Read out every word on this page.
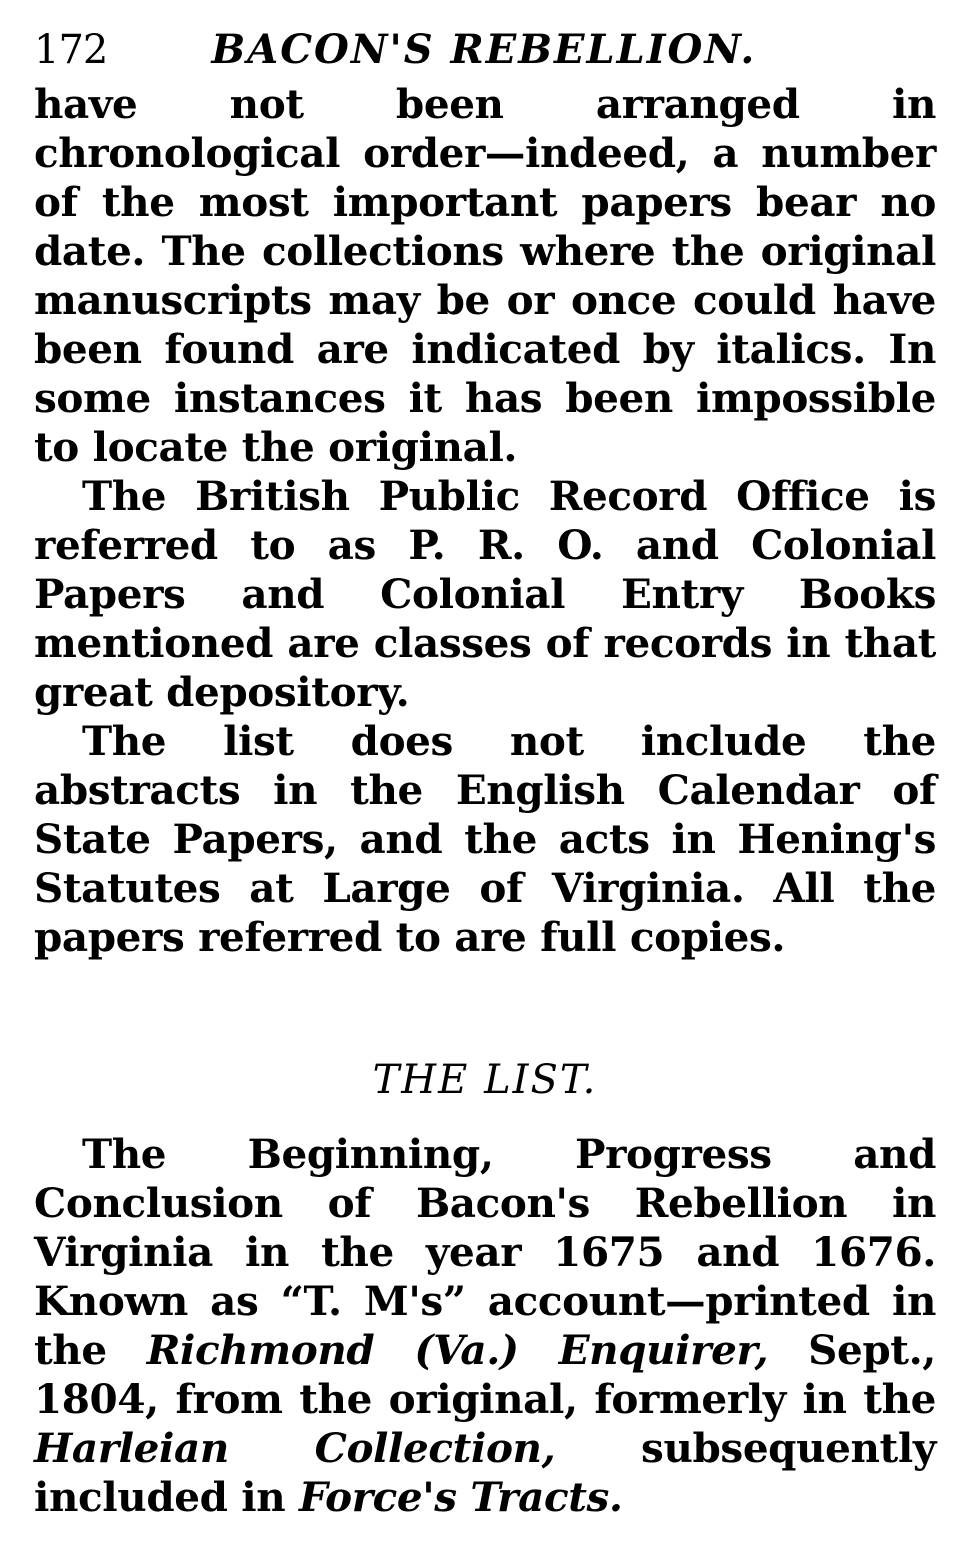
172	BACON'S REBELLION.

have not been arranged in chronological order—indeed, a number of the most important papers bear no date. The collections where the original manuscripts may be or once could have been found are indicated by italics. In some instances it has been impossible to locate the original.

The British Public Record Office is referred to as P. R. O. and Colonial Papers and Colonial Entry Books mentioned are classes of records in that great depository.

The list does not include the abstracts in the English Calendar of State Papers, and the acts in Hening's Statutes at Large of Virginia. All the papers referred to are full copies.

THE LIST.

The Beginning, Progress and Conclusion of Bacon's Rebellion in Virginia in the year 1675 and 1676. Known as “T. M's” account—printed in the Richmond (Va.) Enquirer, Sept., 1804, from the original, formerly in the Harleian Collection, subsequently included in Force's Tracts.
